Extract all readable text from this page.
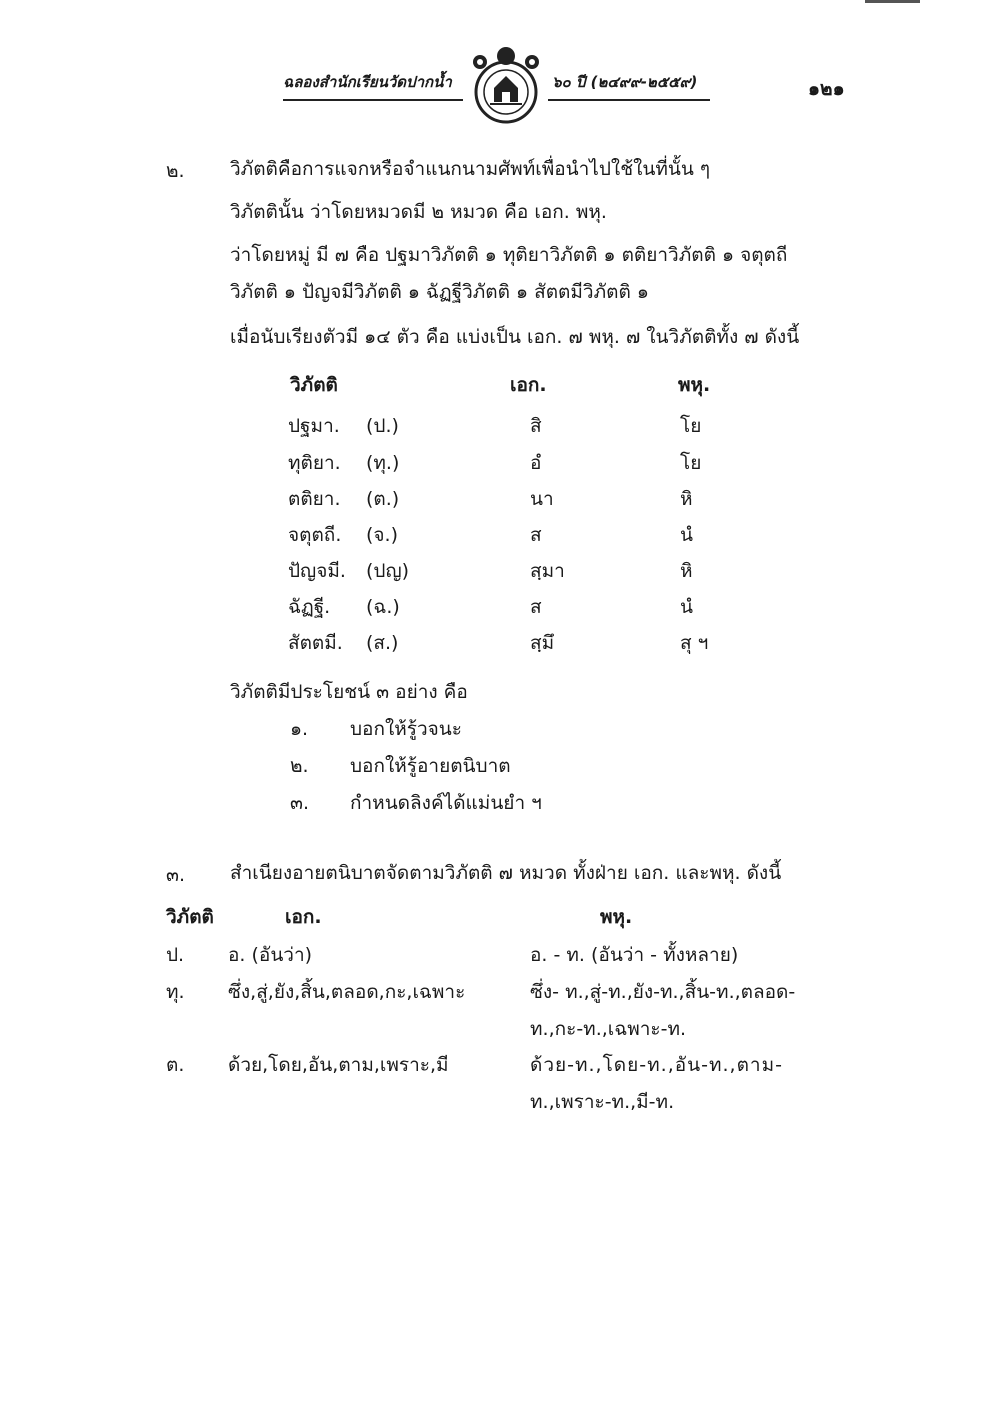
ฉลองสำนักเรียนวัดปากน้ำ	๖๐ ปี (๒๔๙๙-๒๕๕๙)	๑๒๑
๒. วิภัตติคือการแจกหรือจำแนกนามศัพท์เพื่อนำไปใช้ในที่นั้น ๆ
วิภัตตินั้น ว่าโดยหมวดมี ๒ หมวด คือ เอก. พหุ.
ว่าโดยหมู่ มี ๗ คือ ปฐมาวิภัตติ ๑ ทุติยาวิภัตติ ๑ ตติยาวิภัตติ ๑ จตุตถี
วิภัตติ ๑ ปัญจมีวิภัตติ ๑ ฉัฏฐีวิภัตติ ๑ สัตตมีวิภัตติ ๑
เมื่อนับเรียงตัวมี ๑๔ ตัว คือ แบ่งเป็น เอก. ๗ พหุ. ๗ ในวิภัตติทั้ง ๗ ดังนี้
วิภัตติ	เอก.	พหุ.
ปฐมา. (ป.)	สิ	โย
ทุติยา. (ทุ.)	อํ	โย
ตติยา. (ต.)	นา	หิ
จตุตถี. (จ.)	ส	นํ
ปัญจมี. (ปญ)	สฺมา	หิ
ฉัฏฐี. (ฉ.)	ส	นํ
สัตตมี. (ส.)	สฺมึ	สุ ฯ
วิภัตติมีประโยชน์ ๓ อย่าง คือ
๑. บอกให้รู้วจนะ
๒. บอกให้รู้อายตนิบาต
๓. กำหนดลิงค์ได้แม่นยำ ฯ
๓. สำเนียงอายตนิบาตจัดตามวิภัตติ ๗ หมวด ทั้งฝ่าย เอก. และพหุ. ดังนี้
วิภัตติ	เอก.	พหุ.
ป. อ. (อันว่า)	อ. - ท. (อันว่า - ทั้งหลาย)
ทุ. ซึ่ง,สู่,ยัง,สิ้น,ตลอด,กะ,เฉพาะ	ซึ่ง- ท.,สู่-ท.,ยัง-ท.,สิ้น-ท.,ตลอด-
ท.,กะ-ท.,เฉพาะ-ท.
ต. ด้วย,โดย,อัน,ตาม,เพราะ,มี	ด้วย-ท.,โดย-ท.,อัน-ท.,ตาม-
ท.,เพราะ-ท.,มี-ท.
